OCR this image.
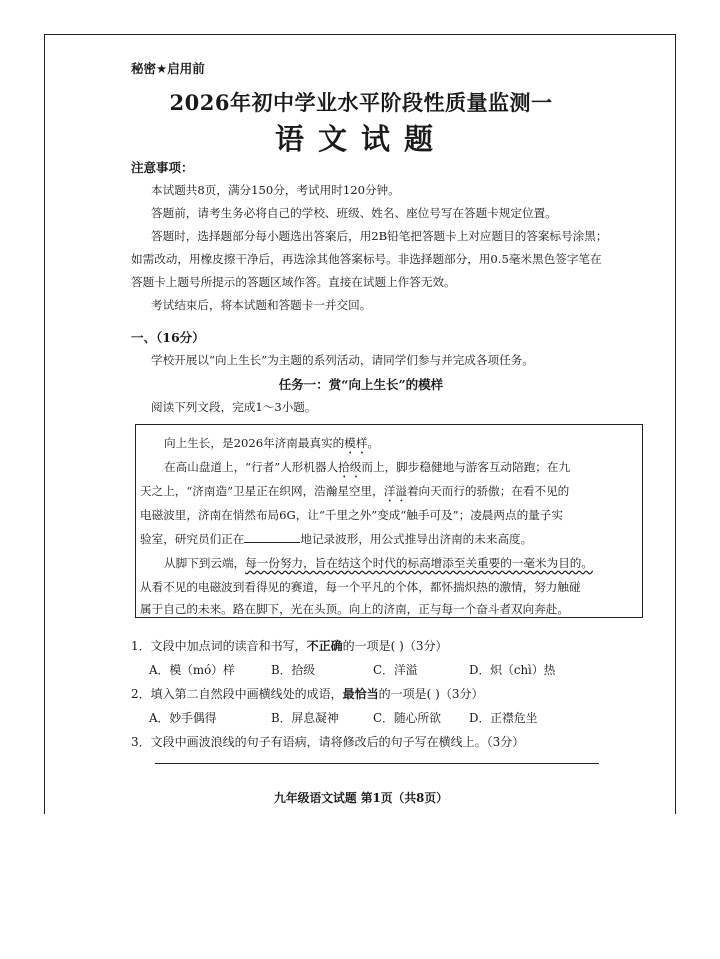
秘密★启用前
2026年初中学业水平阶段性质量监测一
语文试题
注意事项：
本试题共8页，满分150分，考试用时120分钟。
答题前，请考生务必将自己的学校、班级、姓名、座位号写在答题卡规定位置。
答题时，选择题部分每小题选出答案后，用2B铅笔把答题卡上对应题目的答案标号涂黑；
如需改动，用橡皮擦干净后，再选涂其他答案标号。非选择题部分，用0.5毫米黑色签字笔在
答题卡上题号所提示的答题区域作答。直接在试题上作答无效。
考试结束后，将本试题和答题卡一并交回。
一、（16分）
学校开展以“向上生长”为主题的系列活动，请同学们参与并完成各项任务。
任务一：赏“向上生长”的模样
阅读下列文段，完成1～3小题。
向上生长，是2026年济南最真实的模样。
在高山盘道上，“行者”人形机器人拾级而上，脚步稳健地与游客互动陪跑；在九
天之上，“济南造”卫星正在织网，浩瀚星空里，洋溢着向天而行的骄傲；在看不见的
电磁波里，济南在悄然布局6G，让“千里之外”变成“触手可及”；凌晨两点的量子实
验室，研究员们正在	地记录波形，用公式推导出济南的未来高度。
从脚下到云端，每一份努力，旨在结这个时代的标高增添至关重要的一毫米为目的。
从看不见的电磁波到看得见的赛道，每一个平凡的个体，都怀揣炽热的激情，努力触碰
属于自己的未来。路在脚下，光在头顶。向上的济南，正与每一个奋斗者双向奔赴。
1．文段中加点词的读音和书写，不正确的一项是( )（3分）
A．模（mó）样	B．拾级	C．洋溢	D．炽（chì）热
2．填入第二自然段中画横线处的成语，最恰当的一项是( )（3分）
A．妙手偶得	B．屏息凝神	C．随心所欲 D．正襟危坐
3．文段中画波浪线的句子有语病，请将修改后的句子写在横线上。（3分）
九年级语文试题 第1页（共8页）
